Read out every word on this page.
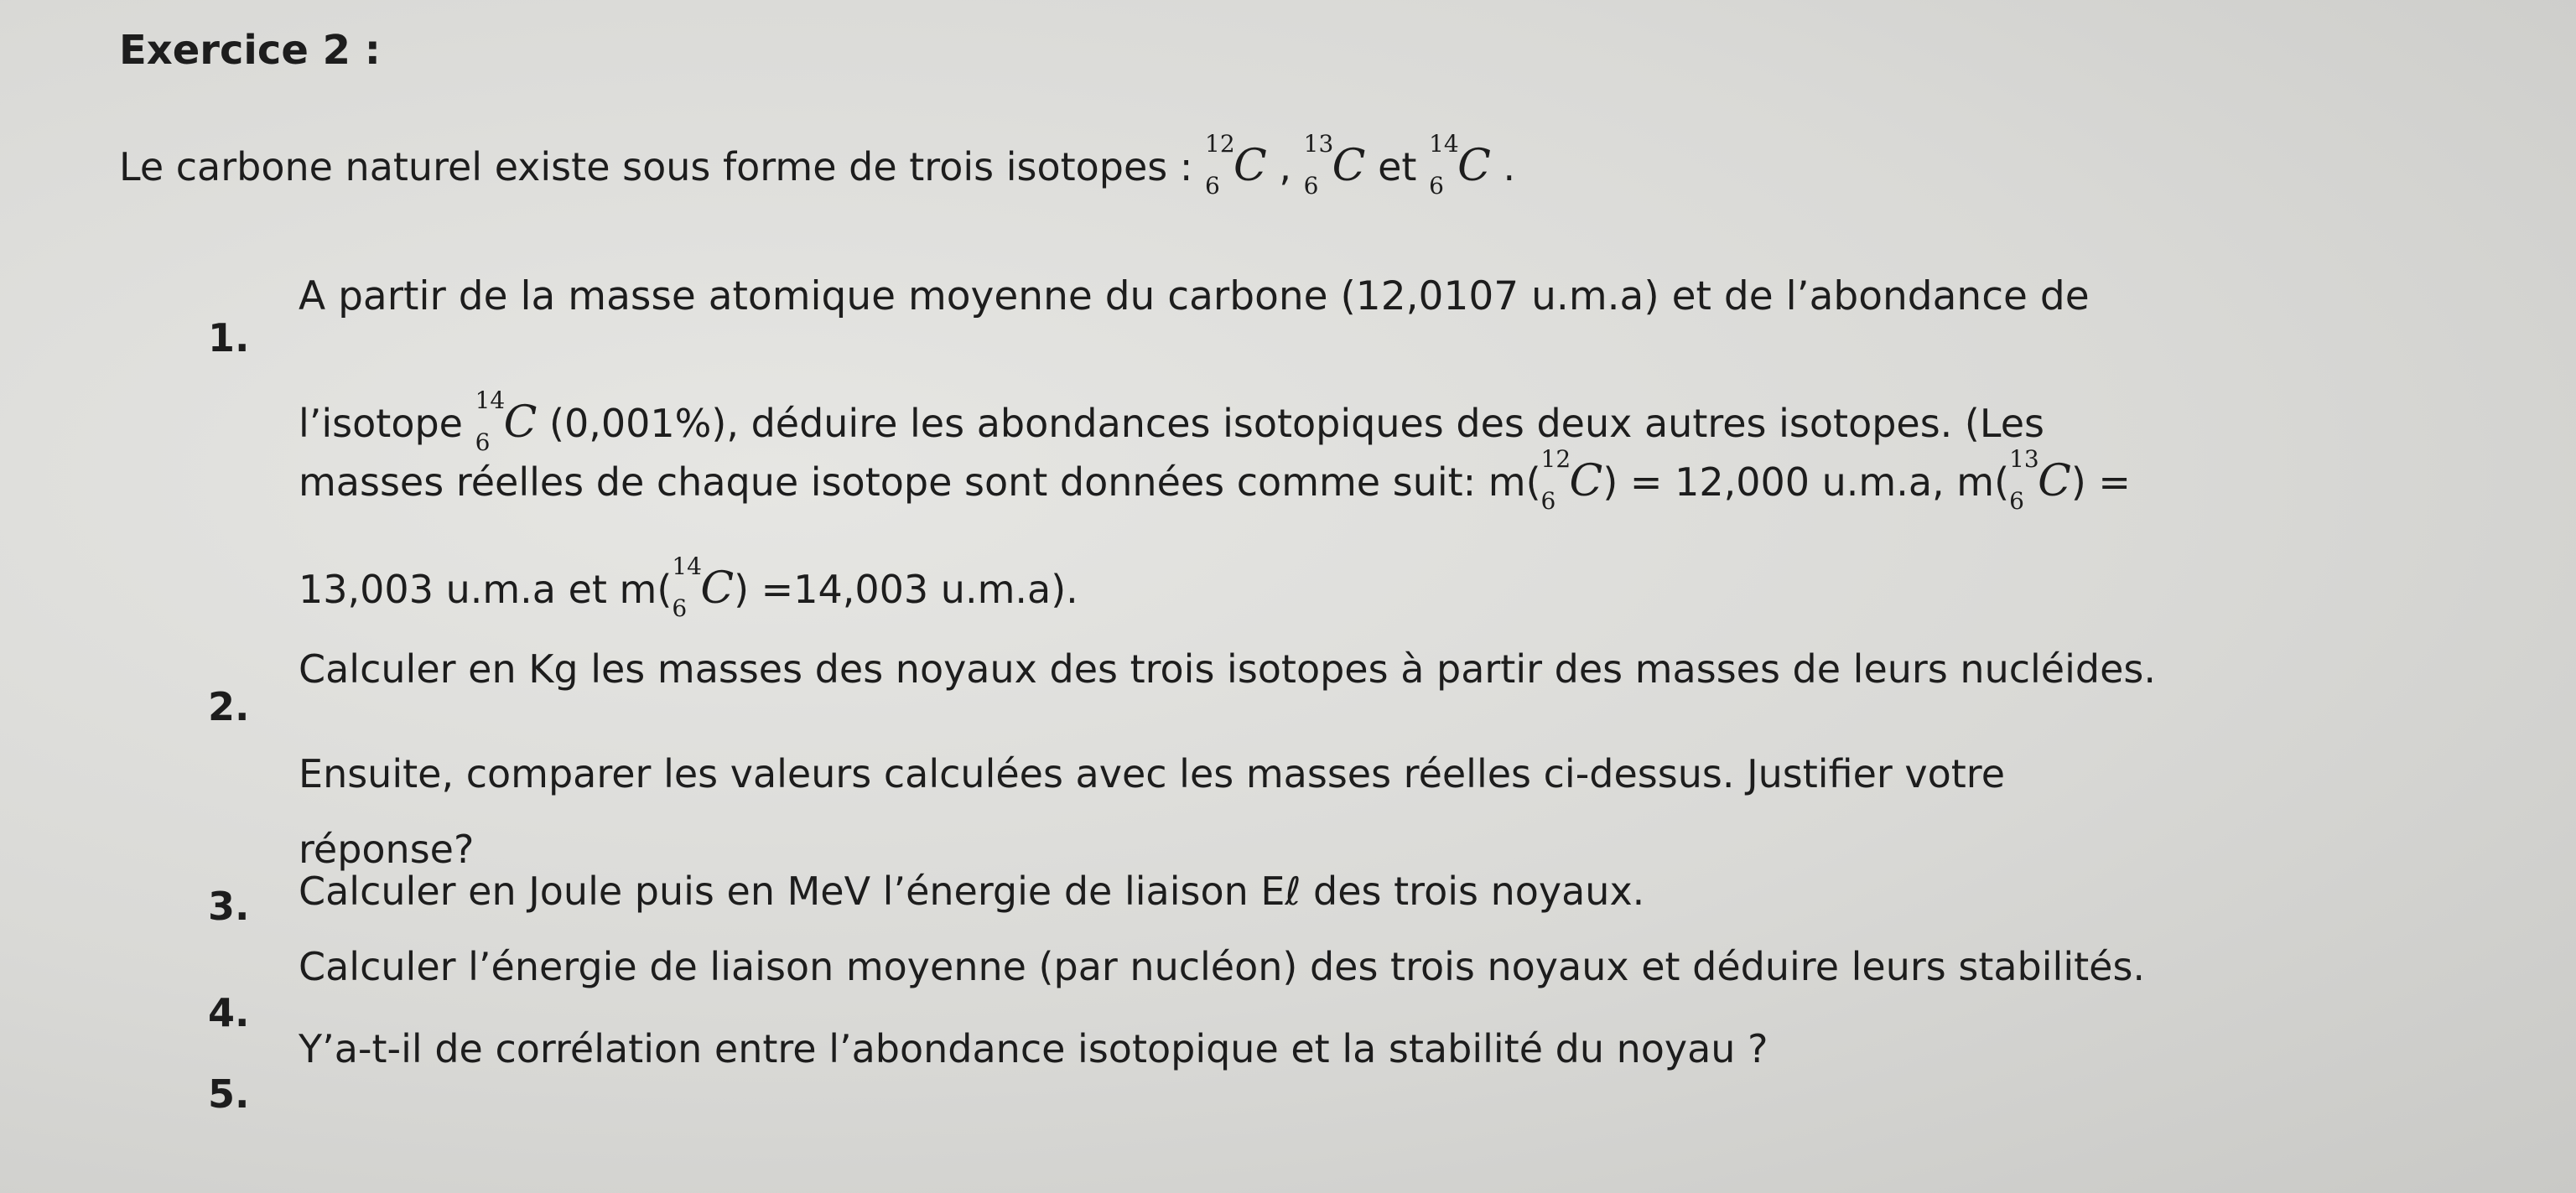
Exercice 2 :
Le carbone naturel existe sous forme de trois isotopes :
12
6 C ,
13
6 C et
14
6 C .
1.
A partir de la masse atomique moyenne du carbone (12,0107 u.m.a) et de l’abondance de
l’isotope
14
6 C (0,001%), déduire les abondances isotopiques des deux autres isotopes. (Les
masses réelles de chaque isotope sont données comme suit: m(
12
6 C) = 12,000 u.m.a, m(
13
6 C) =
13,003 u.m.a et m(
14
6 C) =14,003 u.m.a).
2.
Calculer en Kg les masses des noyaux des trois isotopes à partir des masses de leurs nucléides.
Ensuite, comparer les valeurs calculées avec les masses réelles ci-dessus. Justifier votre
réponse?
3. Calculer en Joule puis en MeV l’énergie de liaison Eℓ des trois noyaux.
4.
Calculer l’énergie de liaison moyenne (par nucléon) des trois noyaux et déduire leurs stabilités.
5.
Y’a-t-il de corrélation entre l’abondance isotopique et la stabilité du noyau ?
